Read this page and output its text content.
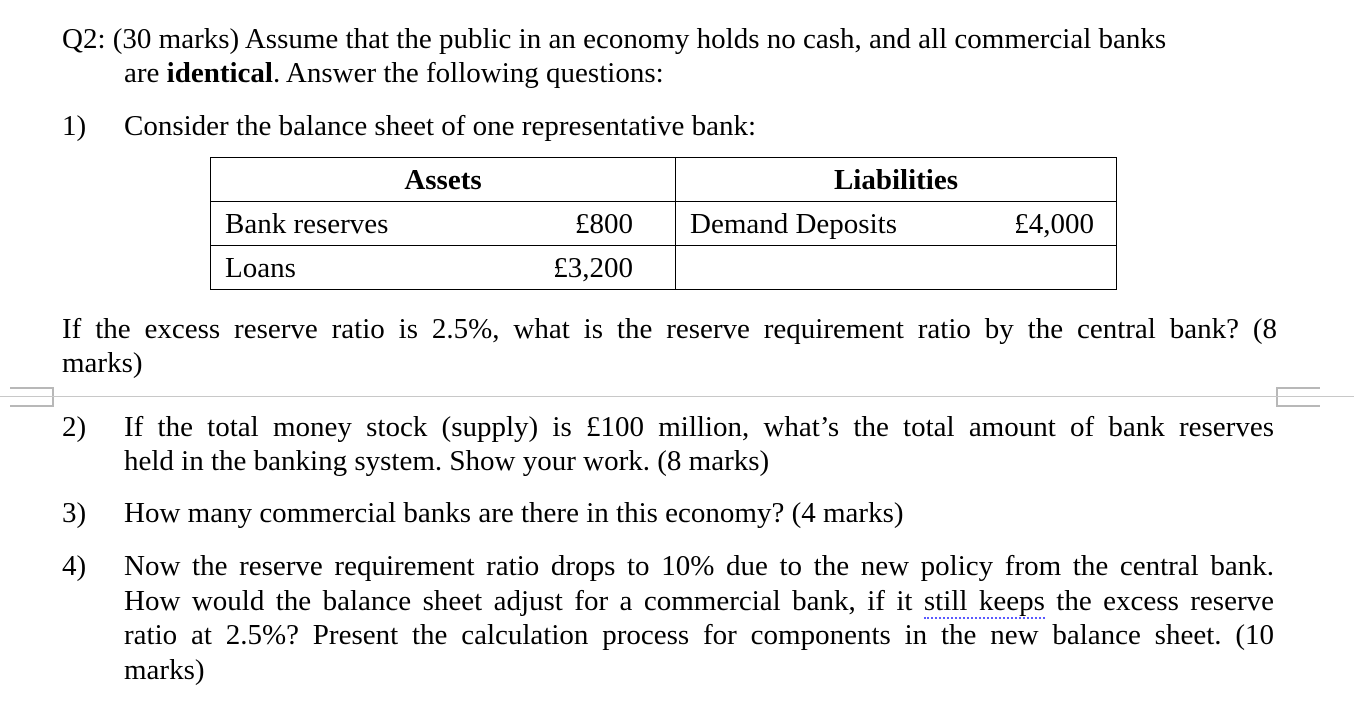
Q2: (30 marks) Assume that the public in an economy holds no cash, and all commercial banks
are identical. Answer the following questions:
1) Consider the balance sheet of one representative bank:
Assets	Liabilities

Bank reserves £800	Demand Deposits £4,000

Loans £3,200	

If the excess reserve ratio is 2.5%, what is the reserve requirement ratio by the central bank? (8
marks)
2) If the total money stock (supply) is £100 million, what’s the total amount of bank reserves
held in the banking system. Show your work. (8 marks)
3) How many commercial banks are there in this economy? (4 marks)
4) Now the reserve requirement ratio drops to 10% due to the new policy from the central bank.
How would the balance sheet adjust for a commercial bank, if it still keeps the excess reserve
ratio at 2.5%? Present the calculation process for components in the new balance sheet. (10
marks)
